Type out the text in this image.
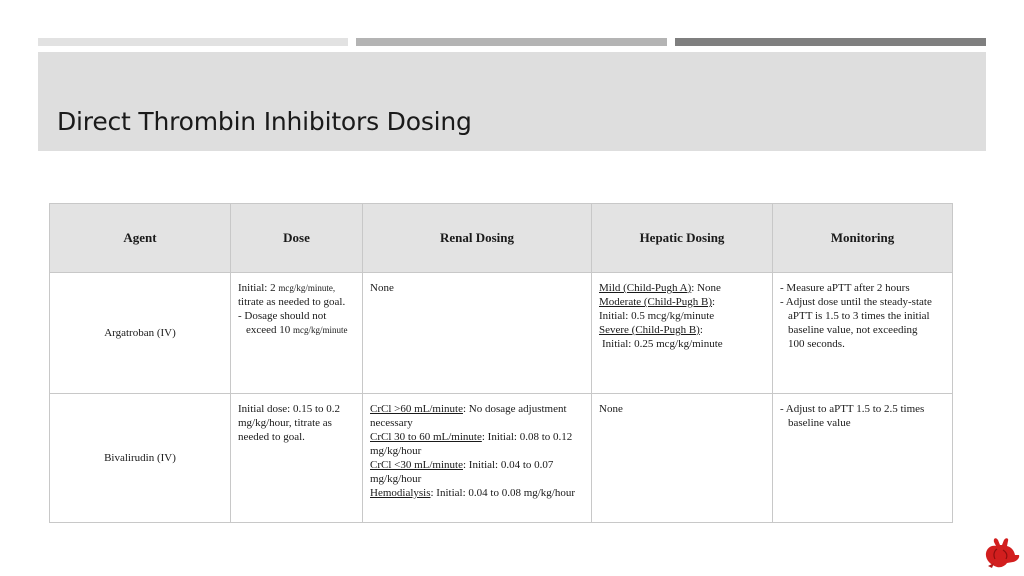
Direct Thrombin Inhibitors Dosing
Agent	Dose	Renal Dosing	Hepatic Dosing	Monitoring
Argatroban (IV)	Initial: 2 mcg/kg/minute,
titrate as needed to goal.
- Dosage should not
exceed 10 mcg/kg/minute	None	Mild (Child-Pugh A): None
Moderate (Child-Pugh B):
Initial: 0.5 mcg/kg/minute
Severe (Child-Pugh B):
Initial: 0.25 mcg/kg/minute	- Measure aPTT after 2 hours
- Adjust dose until the steady-state
aPTT is 1.5 to 3 times the initial
baseline value, not exceeding
100 seconds.

Bivalirudin (IV)	Initial dose: 0.15 to 0.2 mg/kg/hour, titrate as needed to goal.	CrCl >60 mL/minute: No dosage adjustment necessary
CrCl 30 to 60 mL/minute: Initial: 0.08 to 0.12 mg/kg/hour
CrCl <30 mL/minute: Initial: 0.04 to 0.07 mg/kg/hour
Hemodialysis: Initial: 0.04 to 0.08 mg/kg/hour	None	- Adjust to aPTT 1.5 to 2.5 times
baseline value
